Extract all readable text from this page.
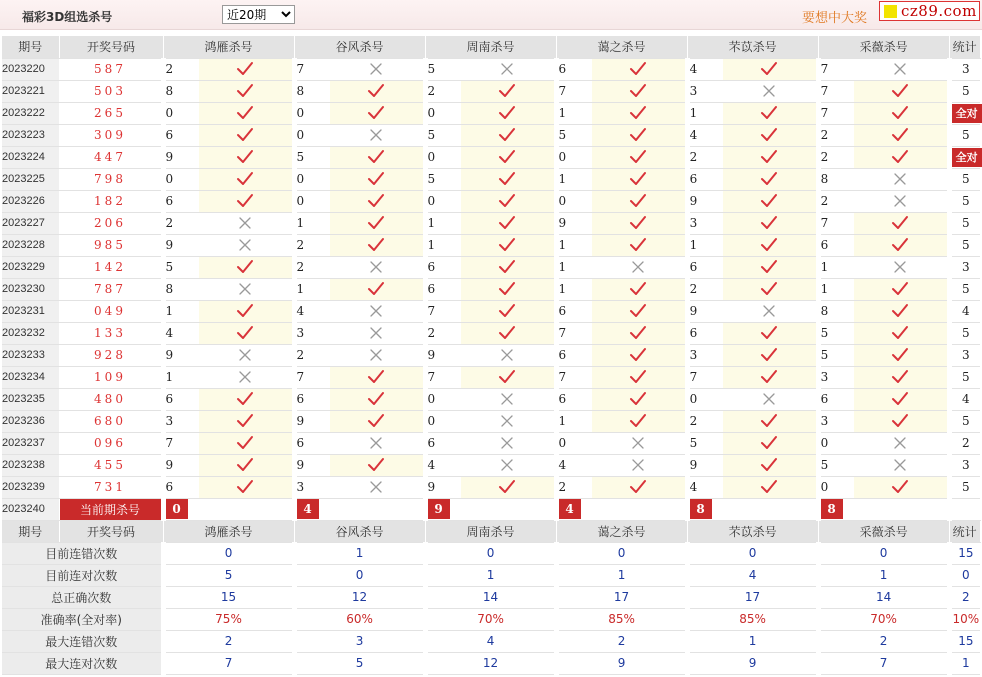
福彩3D组选杀号
近20期	要想中大奖 cz89.com
期号	开奖号码	鸿雁杀号		谷风杀号		周南杀号		蔼之杀号		芣苡杀号		采薇杀号		统计
2023220	587	2		7		5		6		4		7		3
2023221	503	8		8		2		7		3		7		5
2023222	265	0		0		0		1		1		7		全对
2023223	309	6		0		5		5		4		2		5
2023224	447	9		5		0		0		2		2		全对
2023225	798	0		0		5		1		6		8		5
2023226	182	6		0		0		0		9		2		5
2023227	206	2		1		1		9		3		7		5
2023228	985	9		2		1		1		1		6		5
2023229	142	5		2		6		1		6		1		3
2023230	787	8		1		6		1		2		1		5
2023231	049	1		4		7		6		9		8		4
2023232	133	4		3		2		7		6		5		5
2023233	928	9		2		9		6		3		5		3
2023234	109	1		7		7		7		7		3		5
2023235	480	6		6		0		6		0		6		4
2023236	680	3		9		0		1		2		3		5
2023237	096	7		6		6		0		5		0		2
2023238	455	9		9		4		4		9		5		3
2023239	731	6		3		9		2		4		0		5
2023240	当前期杀号	0		4		9		4		8		8		
期号	开奖号码	鸿雁杀号		谷风杀号		周南杀号		蔼之杀号		芣苡杀号		采薇杀号		统计
目前连错次数		0		1		0		0		0		0		15
目前连对次数		5		0		1		1		4		1		0
总正确次数		15		12		14		17		17		14		2
准确率(全对率)		75%		60%		70%		85%		85%		70%		10%
最大连错次数		2		3		4		2		1		2		15
最大连对次数		7		5		12		9		9		7		1
